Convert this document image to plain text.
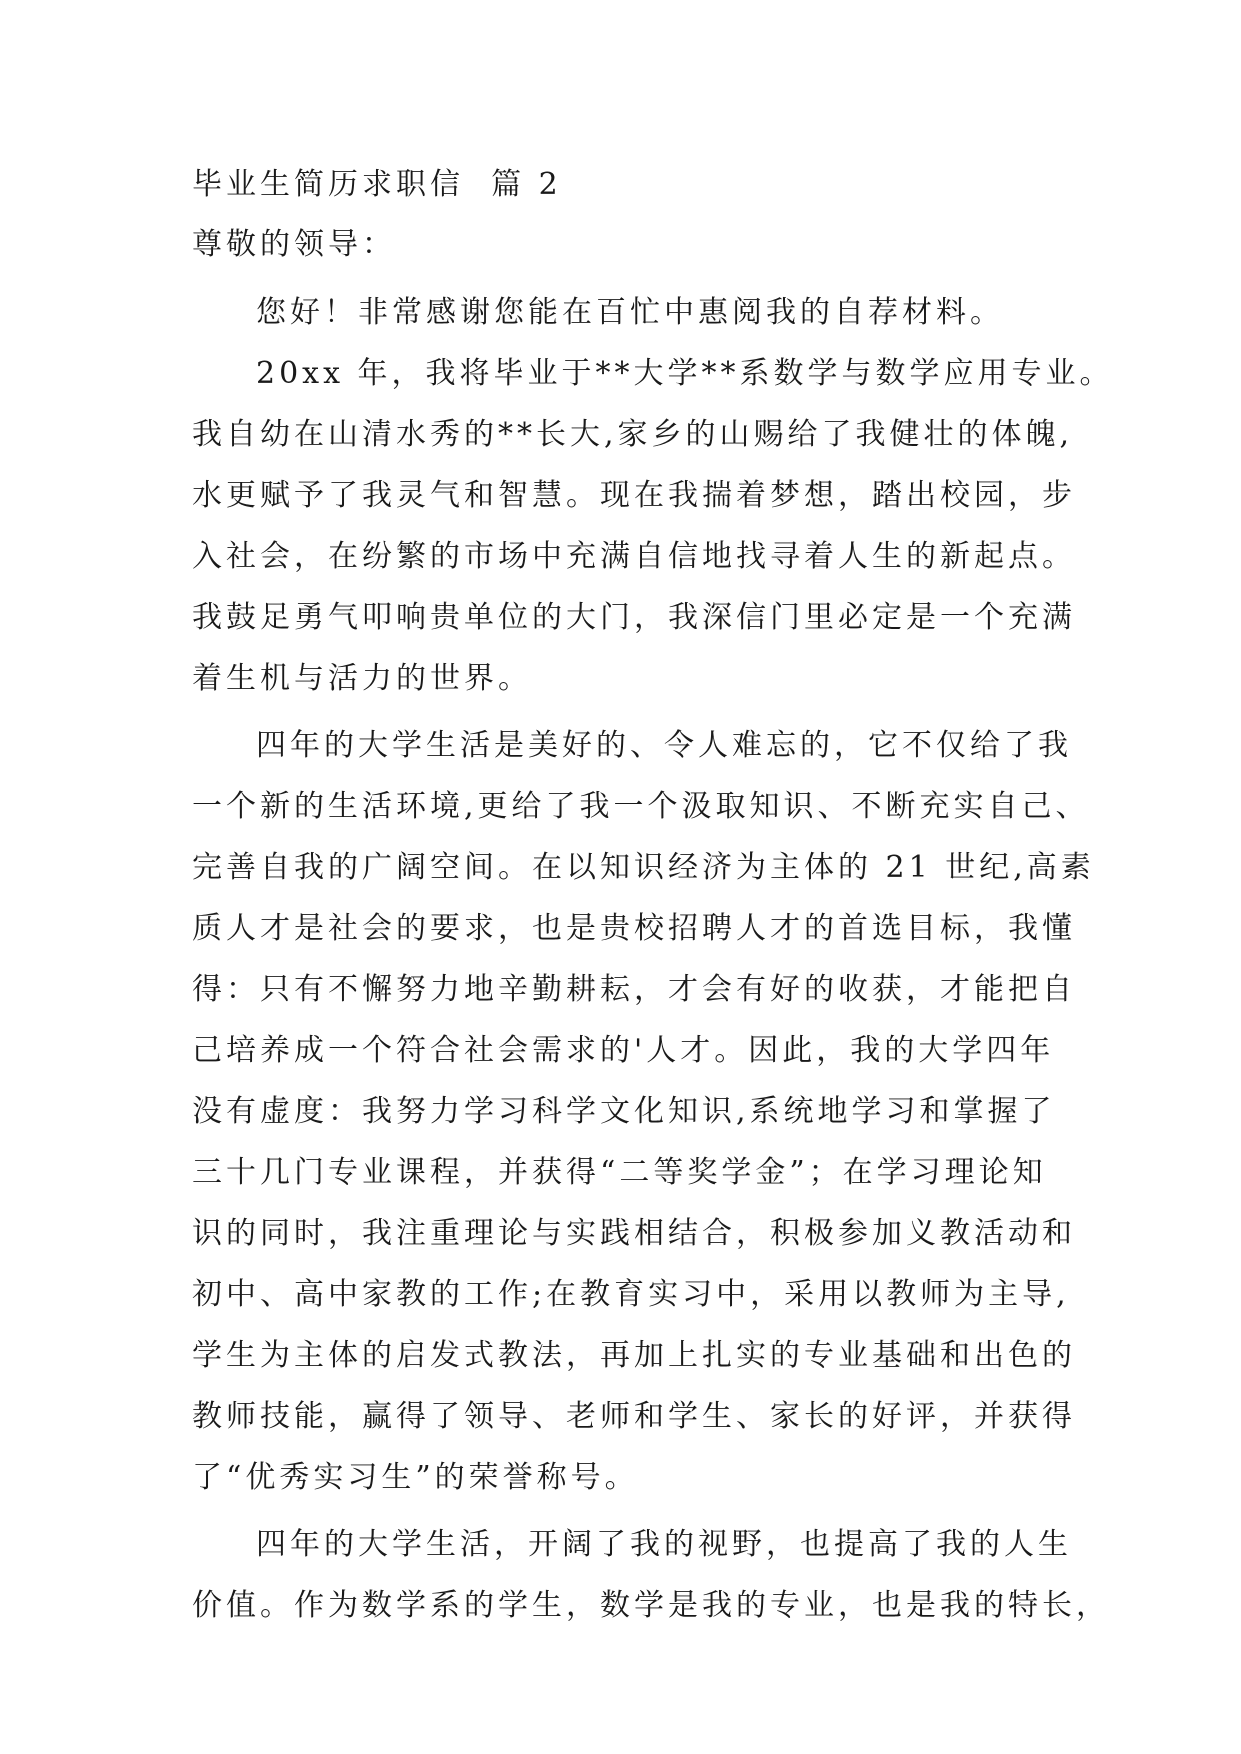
毕业生简历求职信  篇 2
尊敬的领导：
您好！非常感谢您能在百忙中惠阅我的自荐材料。
20xx 年，我将毕业于**大学**系数学与数学应用专业。
我自幼在山清水秀的**长大,家乡的山赐给了我健壮的体魄,
水更赋予了我灵气和智慧。现在我揣着梦想，踏出校园，步
入社会，在纷繁的市场中充满自信地找寻着人生的新起点。
我鼓足勇气叩响贵单位的大门，我深信门里必定是一个充满
着生机与活力的世界。
四年的大学生活是美好的、令人难忘的，它不仅给了我
一个新的生活环境,更给了我一个汲取知识、不断充实自己、
完善自我的广阔空间。在以知识经济为主体的 21 世纪,高素
质人才是社会的要求，也是贵校招聘人才的首选目标，我懂
得：只有不懈努力地辛勤耕耘，才会有好的收获，才能把自
己培养成一个符合社会需求的'人才。因此，我的大学四年
没有虚度：我努力学习科学文化知识,系统地学习和掌握了
三十几门专业课程，并获得“二等奖学金”；在学习理论知
识的同时，我注重理论与实践相结合，积极参加义教活动和
初中、高中家教的工作;在教育实习中，采用以教师为主导,
学生为主体的启发式教法，再加上扎实的专业基础和出色的
教师技能，赢得了领导、老师和学生、家长的好评，并获得
了“优秀实习生”的荣誉称号。
四年的大学生活，开阔了我的视野，也提高了我的人生
价值。作为数学系的学生，数学是我的专业，也是我的特长，
